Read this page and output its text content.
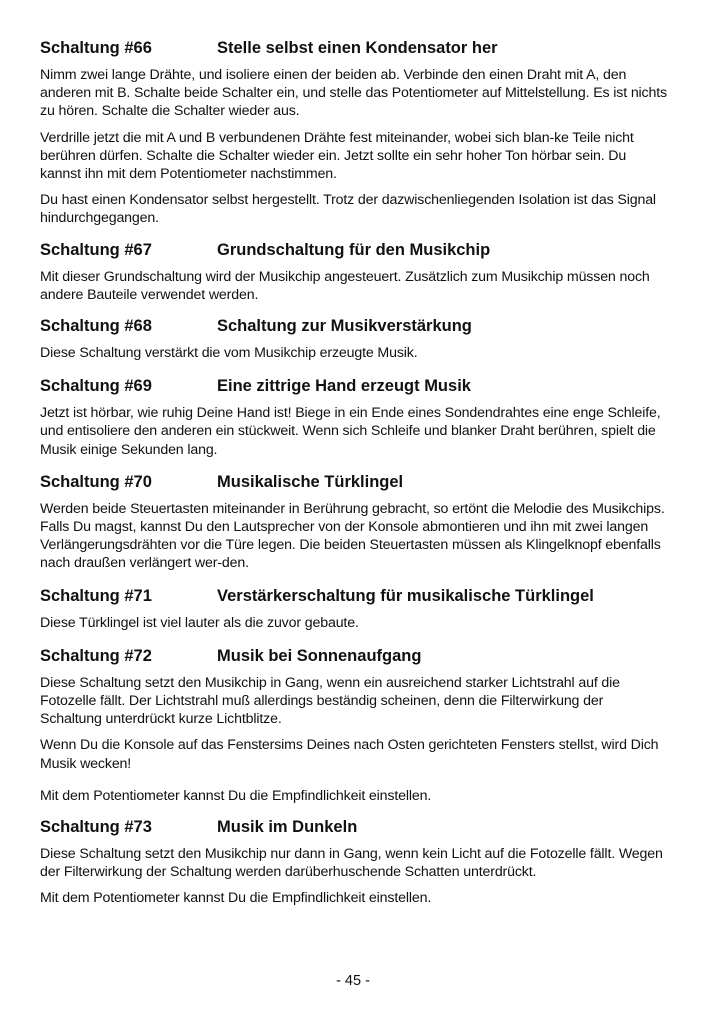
Schaltung #66	Stelle selbst einen Kondensator her

Nimm zwei lange Drähte, und isoliere einen der beiden ab. Verbinde den einen Draht mit A, den anderen mit B. Schalte beide Schalter ein, und stelle das Potentiometer auf Mittelstellung. Es ist nichts zu hören. Schalte die Schalter wieder aus.

Verdrille jetzt die mit A und B verbundenen Drähte fest miteinander, wobei sich blan-ke Teile nicht berühren dürfen. Schalte die Schalter wieder ein. Jetzt sollte ein sehr hoher Ton hörbar sein. Du kannst ihn mit dem Potentiometer nachstimmen.

Du hast einen Kondensator selbst hergestellt. Trotz der dazwischenliegenden Isolation ist das Signal hindurchgegangen.

Schaltung #67	Grundschaltung für den Musikchip

Mit dieser Grundschaltung wird der Musikchip angesteuert. Zusätzlich zum Musikchip müssen noch andere Bauteile verwendet werden.

Schaltung #68	Schaltung zur Musikverstärkung

Diese Schaltung verstärkt die vom Musikchip erzeugte Musik.

Schaltung #69	Eine zittrige Hand erzeugt Musik

Jetzt ist hörbar, wie ruhig Deine Hand ist! Biege in ein Ende eines Sondendrahtes eine enge Schleife, und entisoliere den anderen ein stückweit. Wenn sich Schleife und blanker Draht berühren, spielt die Musik einige Sekunden lang.

Schaltung #70	Musikalische Türklingel

Werden beide Steuertasten miteinander in Berührung gebracht, so ertönt die Melodie des Musikchips. Falls Du magst, kannst Du den Lautsprecher von der Konsole abmontieren und ihn mit zwei langen Verlängerungsdrähten vor die Türe legen. Die beiden Steuertasten müssen als Klingelknopf ebenfalls nach draußen verlängert wer-den.

Schaltung #71	Verstärkerschaltung für musikalische Türklingel

Diese Türklingel ist viel lauter als die zuvor gebaute.

Schaltung #72	Musik bei Sonnenaufgang

Diese Schaltung setzt den Musikchip in Gang, wenn ein ausreichend starker Lichtstrahl auf die Fotozelle fällt. Der Lichtstrahl muß allerdings beständig scheinen, denn die Filterwirkung der Schaltung unterdrückt kurze Lichtblitze.

Wenn Du die Konsole auf das Fenstersims Deines nach Osten gerichteten Fensters stellst, wird Dich Musik wecken!

Mit dem Potentiometer kannst Du die Empfindlichkeit einstellen.

Schaltung #73	Musik im Dunkeln

Diese Schaltung setzt den Musikchip nur dann in Gang, wenn kein Licht auf die Fotozelle fällt. Wegen der Filterwirkung der Schaltung werden darüberhuschende Schatten unterdrückt.

Mit dem Potentiometer kannst Du die Empfindlichkeit einstellen.

- 45 -
